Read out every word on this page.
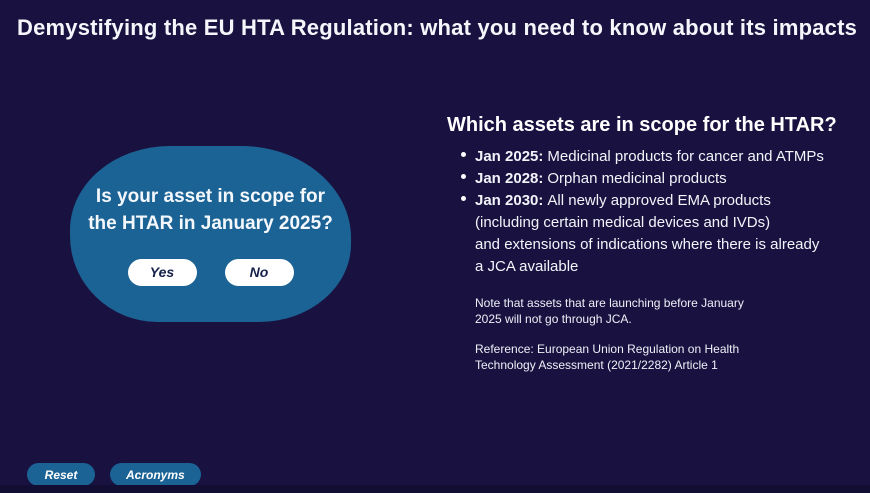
Demystifying the EU HTA Regulation: what you need to know about its impacts
Is your asset in scope for the HTAR in January 2025?
Yes	No
Which assets are in scope for the HTAR?
Jan 2025: Medicinal products for cancer and ATMPs
Jan 2028: Orphan medicinal products
Jan 2030: All newly approved EMA products
(including certain medical devices and IVDs)
and extensions of indications where there is already
a JCA available

Note that assets that are launching before January 2025 will not go through JCA.

Reference: European Union Regulation on Health Technology Assessment (2021/2282) Article 1

Reset	Acronyms
